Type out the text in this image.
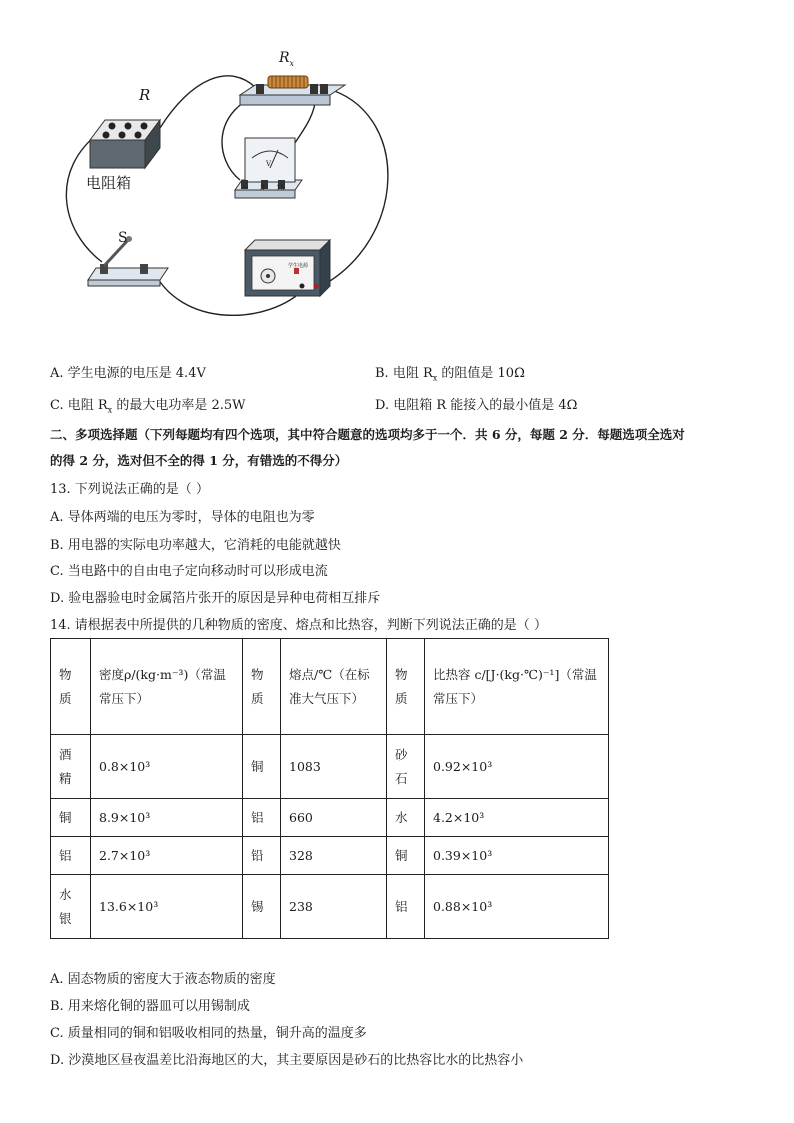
R
$R_x$
电阻箱
S
学生电源
V
− 3 15
A. 学生电源的电压是 4.4V	B. 电阻 $R_x$ 的阻值是 10Ω
C. 电阻 $R_x$ 的最大电功率是 2.5W	D. 电阻箱 R 能接入的最小值是 4Ω
二、多项选择题（下列每题均有四个选项，其中符合题意的选项均多于一个．共 6 分，每题 2 分．每题选项全选对
的得 2 分，选对但不全的得 1 分，有错选的不得分）
13. 下列说法正确的是（ ）
A. 导体两端的电压为零时，导体的电阻也为零
B. 用电器的实际电功率越大，它消耗的电能就越快
C. 当电路中的自由电子定向移动时可以形成电流
D. 验电器验电时金属箔片张开的原因是异种电荷相互排斥
14. 请根据表中所提供的几种物质的密度、熔点和比热容，判断下列说法正确的是（ ）
物质	密度ρ/(kg·m⁻³)（常温常压下）	物质	熔点/℃（在标准大气压下）	物质	比热容 c/[J·(kg·℃)⁻¹]（常温常压下）
酒精	0.8×10³	铜	1083	砂石	0.92×10³
铜	8.9×10³	铝	660	水	4.2×10³
铝	2.7×10³	铅	328	铜	0.39×10³
水银	13.6×10³	锡	238	铝	0.88×10³
A. 固态物质的密度大于液态物质的密度
B. 用来熔化铜的器皿可以用锡制成
C. 质量相同的铜和铝吸收相同的热量，铜升高的温度多
D. 沙漠地区昼夜温差比沿海地区的大，其主要原因是砂石的比热容比水的比热容小
